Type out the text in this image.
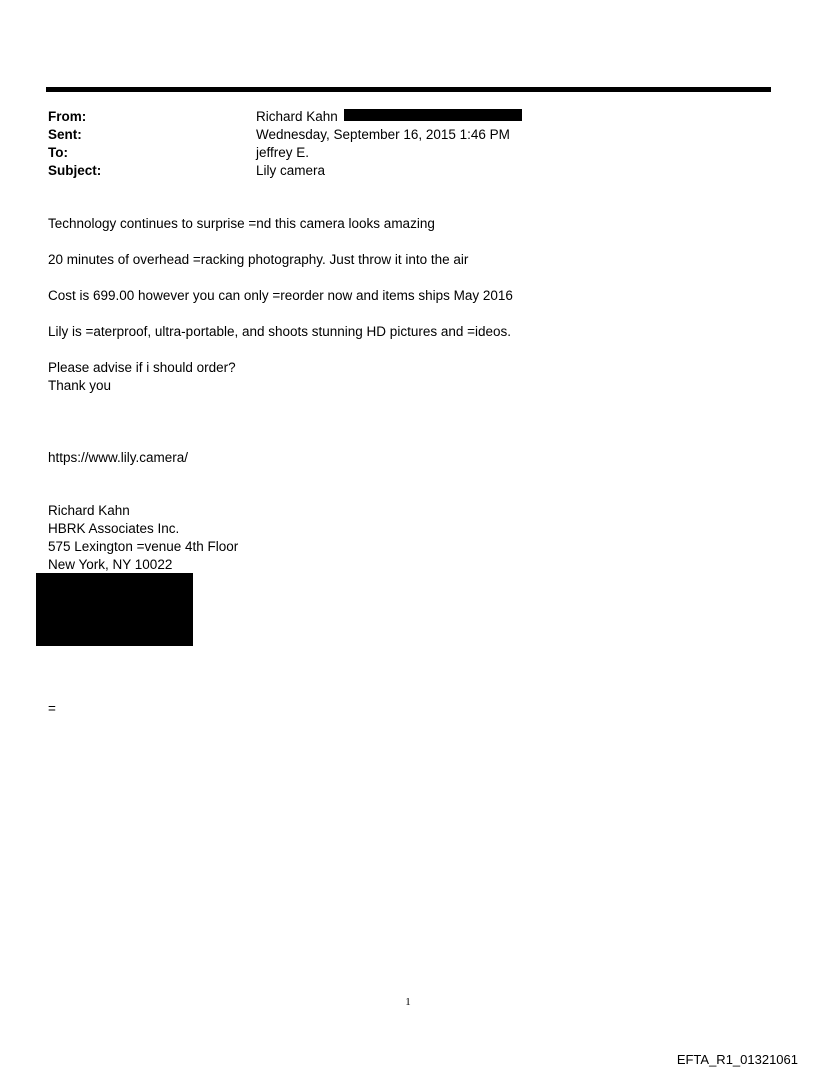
From:	Richard Kahn
Sent:	Wednesday, September 16, 2015 1:46 PM
To:	jeffrey E.
Subject:	Lily camera
Technology continues to surprise =nd this camera looks amazing
20 minutes of overhead =racking photography. Just throw it into the air
Cost is 699.00 however you can only =reorder now and items ships May 2016
Lily is =aterproof, ultra-portable, and shoots stunning HD pictures and =ideos.
Please advise if i should order?
Thank you
https://www.lily.camera/
Richard Kahn
HBRK Associates Inc.
575 Lexington =venue 4th Floor
New York, NY 10022
=
1
EFTA_R1_01321061
